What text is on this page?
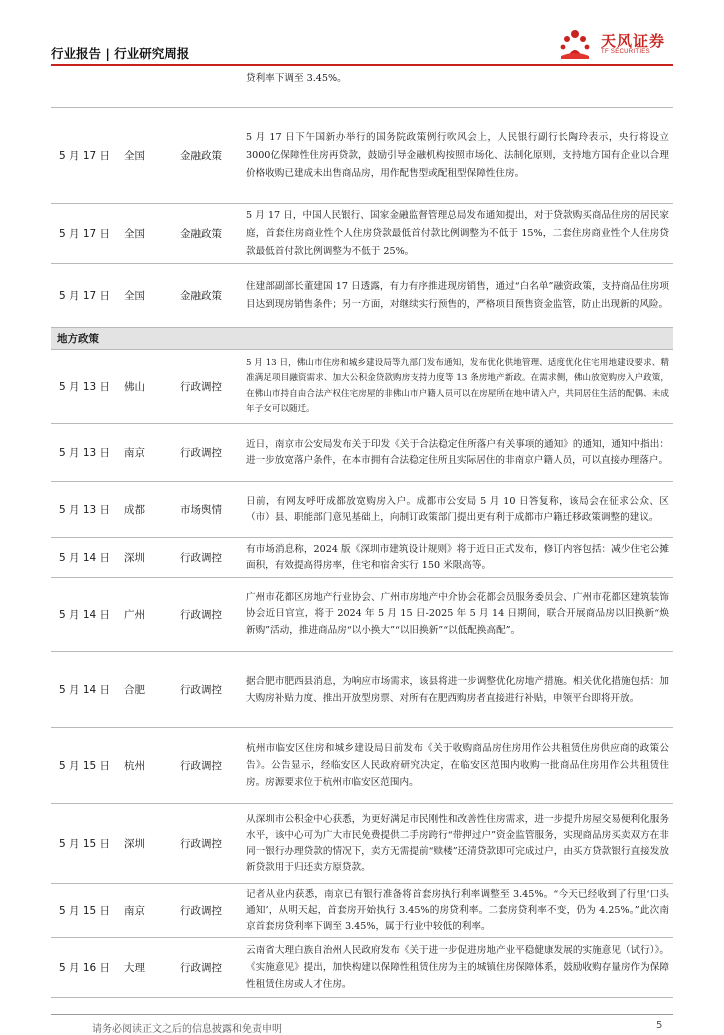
行业报告 | 行业研究周报
天风证券
TF SECURITIES
贷利率下调至 3.45%。
5 月 17 日	全国	金融政策
5 月 17 日下午国新办举行的国务院政策例行吹风会上，人民银行副行长陶玲表示，央行将设立3000亿保障性住房再贷款，鼓励引导金融机构按照市场化、法制化原则，支持地方国有企业以合理价格收购已建成未出售商品房，用作配售型或配租型保障性住房。
5 月 17 日	全国	金融政策
5 月 17 日，中国人民银行、国家金融监督管理总局发布通知提出，对于贷款购买商品住房的居民家庭，首套住房商业性个人住房贷款最低首付款比例调整为不低于 15%，二套住房商业性个人住房贷款最低首付款比例调整为不低于 25%。
5 月 17 日	全国	金融政策
住建部副部长董建国 17 日透露，有力有序推进现房销售，通过“白名单”融资政策，支持商品住房项目达到现房销售条件；另一方面，对继续实行预售的，严格项目预售资金监管，防止出现新的风险。
地方政策
5 月 13 日	佛山	行政调控
5 月 13 日，佛山市住房和城乡建设局等九部门发布通知，发布优化供地管理、适度优化住宅用地建设要求、精准满足项目融资需求、加大公积金贷款购房支持力度等 13 条房地产新政。在需求侧，佛山放宽购房入户政策，在佛山市持自由合法产权住宅房屋的非佛山市户籍人员可以在房屋所在地申请入户，共同居住生活的配偶、未成年子女可以随迁。
5 月 13 日	南京	行政调控
近日，南京市公安局发布关于印发《关于合法稳定住所落户有关事项的通知》的通知，通知中指出：进一步放宽落户条件，在本市拥有合法稳定住所且实际居住的非南京户籍人员，可以直接办理落户。
5 月 13 日	成都	市场舆情
日前，有网友呼吁成都放宽购房入户。成都市公安局 5 月 10 日答复称，该局会在征求公众、区（市）县、职能部门意见基础上，向制订政策部门提出更有利于成都市户籍迁移政策调整的建议。
5 月 14 日	深圳	行政调控
有市场消息称，2024 版《深圳市建筑设计规则》将于近日正式发布，修订内容包括：减少住宅公摊面积，有效提高得房率，住宅和宿舍实行 150 米限高等。
5 月 14 日	广州	行政调控
广州市花都区房地产行业协会、广州市房地产中介协会花都会员服务委员会、广州市花都区建筑装饰协会近日官宣，将于 2024 年 5 月 15 日-2025 年 5 月 14 日期间，联合开展商品房以旧换新“焕新购”活动，推进商品房“以小换大”“以旧换新”“以低配换高配”。
5 月 14 日	合肥	行政调控
据合肥市肥西县消息，为响应市场需求，该县将进一步调整优化房地产措施。相关优化措施包括：加大购房补贴力度、推出开放型房票、对所有在肥西购房者直接进行补贴，申领平台即将开放。
5 月 15 日	杭州	行政调控
杭州市临安区住房和城乡建设局日前发布《关于收购商品房住房用作公共租赁住房供应商的政策公告》。公告显示，经临安区人民政府研究决定，在临安区范围内收购一批商品住房用作公共租赁住房。房源要求位于杭州市临安区范围内。
5 月 15 日	深圳	行政调控
从深圳市公积金中心获悉，为更好满足市民刚性和改善性住房需求，进一步提升房屋交易便利化服务水平，该中心可为广大市民免费提供二手房跨行“带押过户”资金监管服务，实现商品房买卖双方在非同一银行办理贷款的情况下，卖方无需提前“赎楼”还清贷款即可完成过户，由买方贷款银行直接发放新贷款用于归还卖方原贷款。
5 月 15 日	南京	行政调控
记者从业内获悉，南京已有银行准备将首套房执行利率调整至 3.45%。“今天已经收到了行里‘口头通知’，从明天起，首套房开始执行 3.45%的房贷利率。二套房贷利率不变，仍为 4.25%。”此次南京首套房贷利率下调至 3.45%，属于行业中较低的利率。
5 月 16 日	大理	行政调控
云南省大理白族自治州人民政府发布《关于进一步促进房地产业平稳健康发展的实施意见（试行）》。《实施意见》提出，加快构建以保障性租赁住房为主的城镇住房保障体系，鼓励收购存量房作为保障性租赁住房或人才住房。
请务必阅读正文之后的信息披露和免责申明	5
